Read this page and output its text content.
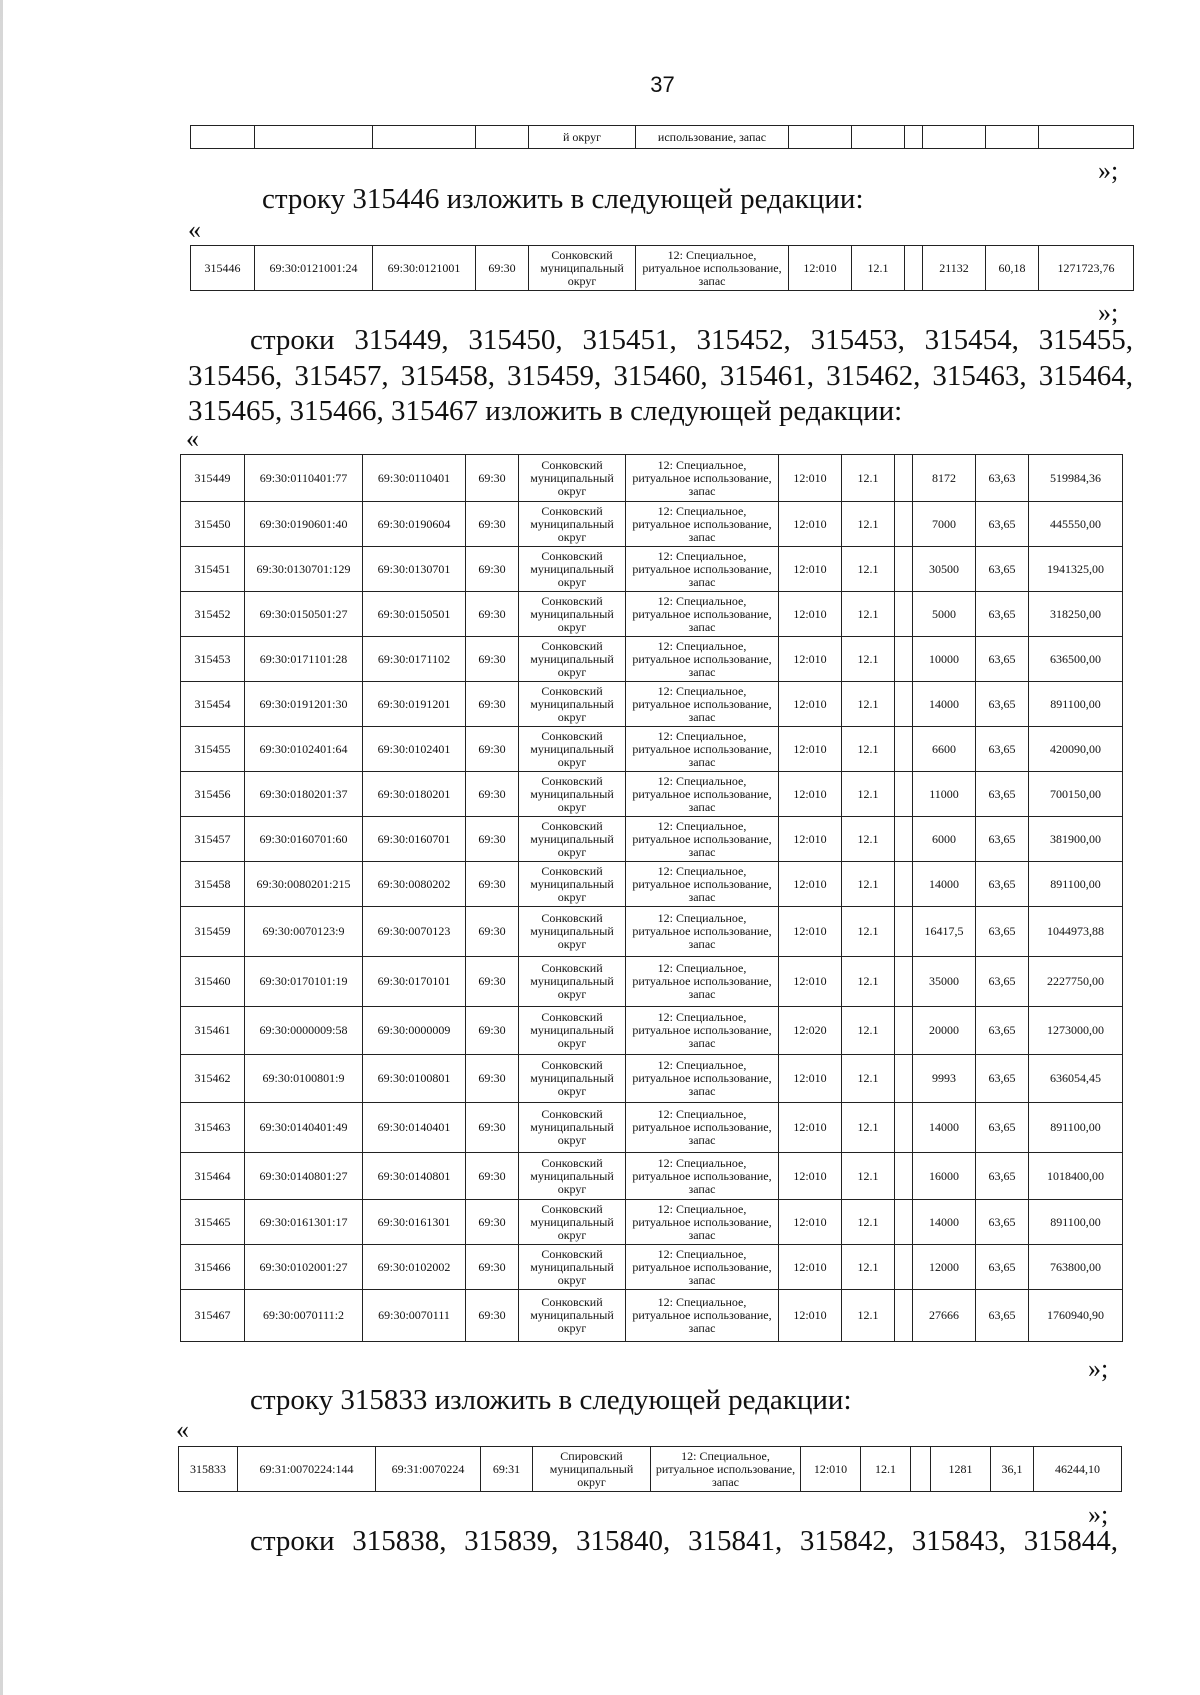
37
				й округ	использование, запас						
»;
строку 315446 изложить в следующей редакции:
«
315446	69:30:0121001:24	69:30:0121001	69:30	Сонковский муниципальный округ	12: Специальное, ритуальное использование, запас	12:010	12.1		21132	60,18	1271723,76
»;
строки 315449, 315450, 315451, 315452, 315453, 315454, 315455,
315456, 315457, 315458, 315459, 315460, 315461, 315462, 315463, 315464,
315465, 315466, 315467 изложить в следующей редакции:
«
315449	69:30:0110401:77	69:30:0110401	69:30	Сонковский муниципальный округ	12: Специальное, ритуальное использование, запас	12:010	12.1		8172	63,63	519984,36
315450	69:30:0190601:40	69:30:0190604	69:30	Сонковский муниципальный округ	12: Специальное, ритуальное использование, запас	12:010	12.1		7000	63,65	445550,00
315451	69:30:0130701:129	69:30:0130701	69:30	Сонковский муниципальный округ	12: Специальное, ритуальное использование, запас	12:010	12.1		30500	63,65	1941325,00
315452	69:30:0150501:27	69:30:0150501	69:30	Сонковский муниципальный округ	12: Специальное, ритуальное использование, запас	12:010	12.1		5000	63,65	318250,00
315453	69:30:0171101:28	69:30:0171102	69:30	Сонковский муниципальный округ	12: Специальное, ритуальное использование, запас	12:010	12.1		10000	63,65	636500,00
315454	69:30:0191201:30	69:30:0191201	69:30	Сонковский муниципальный округ	12: Специальное, ритуальное использование, запас	12:010	12.1		14000	63,65	891100,00
315455	69:30:0102401:64	69:30:0102401	69:30	Сонковский муниципальный округ	12: Специальное, ритуальное использование, запас	12:010	12.1		6600	63,65	420090,00
315456	69:30:0180201:37	69:30:0180201	69:30	Сонковский муниципальный округ	12: Специальное, ритуальное использование, запас	12:010	12.1		11000	63,65	700150,00
315457	69:30:0160701:60	69:30:0160701	69:30	Сонковский муниципальный округ	12: Специальное, ритуальное использование, запас	12:010	12.1		6000	63,65	381900,00
315458	69:30:0080201:215	69:30:0080202	69:30	Сонковский муниципальный округ	12: Специальное, ритуальное использование, запас	12:010	12.1		14000	63,65	891100,00
315459	69:30:0070123:9	69:30:0070123	69:30	Сонковский муниципальный округ	12: Специальное, ритуальное использование, запас	12:010	12.1		16417,5	63,65	1044973,88
315460	69:30:0170101:19	69:30:0170101	69:30	Сонковский муниципальный округ	12: Специальное, ритуальное использование, запас	12:010	12.1		35000	63,65	2227750,00
315461	69:30:0000009:58	69:30:0000009	69:30	Сонковский муниципальный округ	12: Специальное, ритуальное использование, запас	12:020	12.1		20000	63,65	1273000,00
315462	69:30:0100801:9	69:30:0100801	69:30	Сонковский муниципальный округ	12: Специальное, ритуальное использование, запас	12:010	12.1		9993	63,65	636054,45
315463	69:30:0140401:49	69:30:0140401	69:30	Сонковский муниципальный округ	12: Специальное, ритуальное использование, запас	12:010	12.1		14000	63,65	891100,00
315464	69:30:0140801:27	69:30:0140801	69:30	Сонковский муниципальный округ	12: Специальное, ритуальное использование, запас	12:010	12.1		16000	63,65	1018400,00
315465	69:30:0161301:17	69:30:0161301	69:30	Сонковский муниципальный округ	12: Специальное, ритуальное использование, запас	12:010	12.1		14000	63,65	891100,00
315466	69:30:0102001:27	69:30:0102002	69:30	Сонковский муниципальный округ	12: Специальное, ритуальное использование, запас	12:010	12.1		12000	63,65	763800,00
315467	69:30:0070111:2	69:30:0070111	69:30	Сонковский муниципальный округ	12: Специальное, ритуальное использование, запас	12:010	12.1		27666	63,65	1760940,90
»;
строку 315833 изложить в следующей редакции:
«
315833	69:31:0070224:144	69:31:0070224	69:31	Спировский муниципальный округ	12: Специальное, ритуальное использование, запас	12:010	12.1		1281	36,1	46244,10
»;
строки 315838, 315839, 315840, 315841, 315842, 315843, 315844,
